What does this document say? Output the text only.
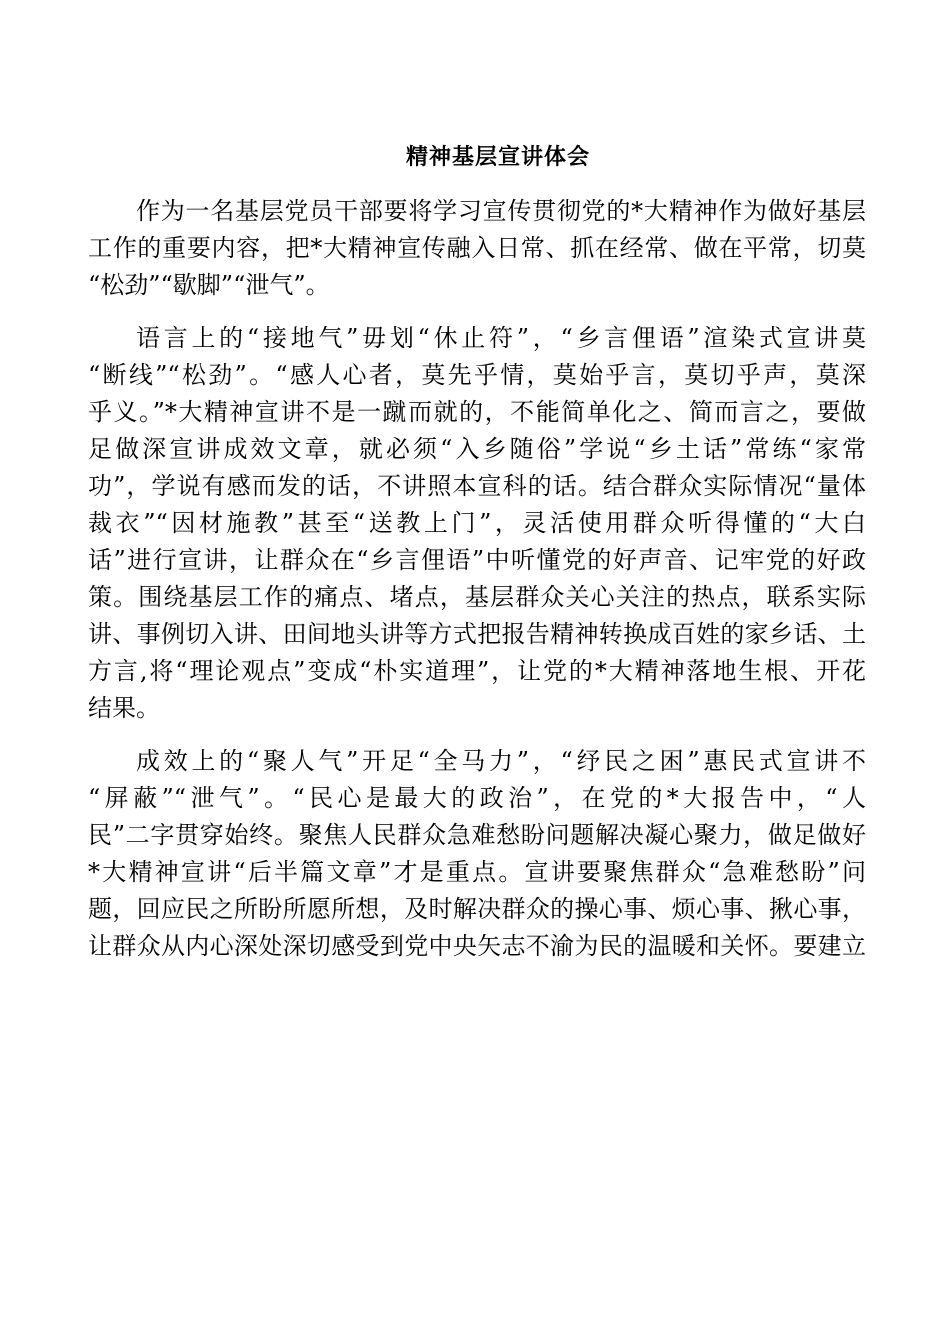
精神基层宣讲体会
作为一名基层党员干部要将学习宣传贯彻党的*大精神作为做好基层
工作的重要内容，把*大精神宣传融入日常、抓在经常、做在平常，切莫
“松劲”“歇脚”“泄气”。
语言上的“接地气”毋划“休止符”，“乡言俚语”渲染式宣讲莫
“断线”“松劲”。“感人心者，莫先乎情，莫始乎言，莫切乎声，莫深
乎义。”*大精神宣讲不是一蹴而就的，不能简单化之、简而言之，要做
足做深宣讲成效文章，就必须“入乡随俗”学说“乡土话”常练“家常
功”，学说有感而发的话，不讲照本宣科的话。结合群众实际情况“量体
裁衣”“因材施教”甚至“送教上门”，灵活使用群众听得懂的“大白
话”进行宣讲，让群众在“乡言俚语”中听懂党的好声音、记牢党的好政
策。围绕基层工作的痛点、堵点，基层群众关心关注的热点，联系实际
讲、事例切入讲、田间地头讲等方式把报告精神转换成百姓的家乡话、土
方言,将“理论观点”变成“朴实道理”，让党的*大精神落地生根、开花
结果。
成效上的“聚人气”开足“全马力”，“纾民之困”惠民式宣讲不
“屏蔽”“泄气”。“民心是最大的政治”，在党的*大报告中，“人
民”二字贯穿始终。聚焦人民群众急难愁盼问题解决凝心聚力，做足做好
*大精神宣讲“后半篇文章”才是重点。宣讲要聚焦群众“急难愁盼”问
题，回应民之所盼所愿所想，及时解决群众的操心事、烦心事、揪心事，
让群众从内心深处深切感受到党中央矢志不渝为民的温暖和关怀。要建立
